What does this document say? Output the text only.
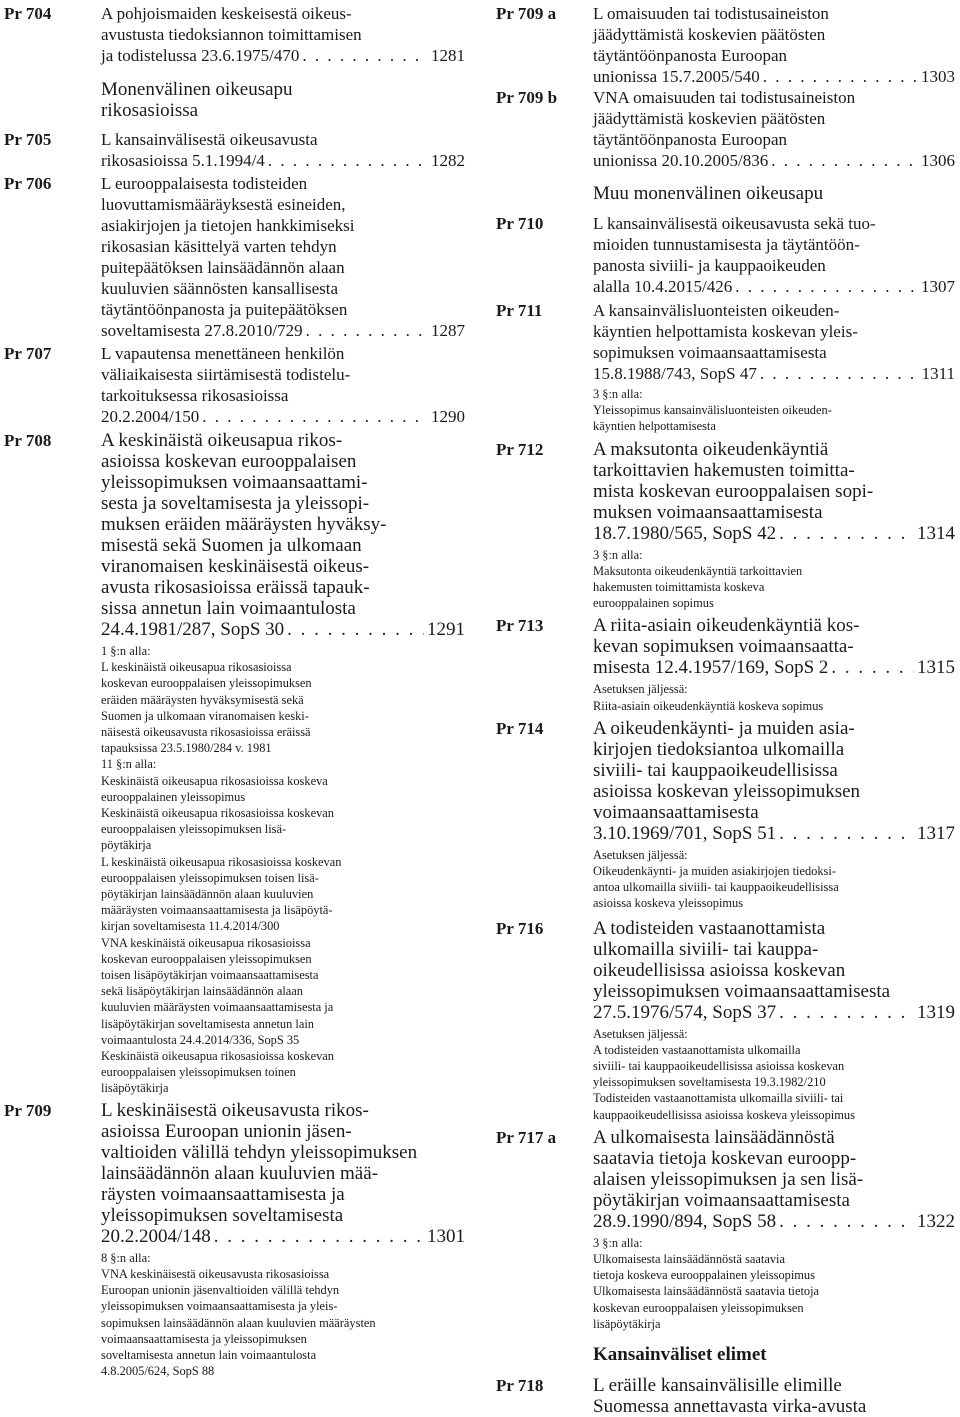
Pr 704	A pohjoismaiden keskeisestä oikeus-
avustusta tiedoksiannon toimittamisen
ja todistelussa 23.6.1975/470 . . .	1281
Monenvälinen oikeusapu
rikosasioissa
Pr 705	L kansainvälisestä oikeusavusta
rikosasioissa 5.1.1994/4 . . .	1282
Pr 706	L eurooppalaisesta todisteiden
luovuttamismääräyksestä esineiden,
asiakirjojen ja tietojen hankkimiseksi
rikosasian käsittelyä varten tehdyn
puitepäätöksen lainsäädännön alaan
kuuluvien säännösten kansallisesta
täytäntöönpanosta ja puitepäätöksen
soveltamisesta 27.8.2010/729 . . .	1287
Pr 707	L vapautensa menettäneen henkilön
väliaikaisesta siirtämisestä todistelu-
tarkoituksessa rikosasioissa
20.2.2004/150 . . .	1290
Pr 708	A keskinäistä oikeusapua rikos-
asioissa koskevan eurooppalaisen
yleissopimuksen voimaansaattami-
sesta ja soveltamisesta ja yleissopi-
muksen eräiden määräysten hyväksy-
misestä sekä Suomen ja ulkomaan
viranomaisen keskinäisestä oikeus-
avusta rikosasioissa eräissä tapauk-
sissa annetun lain voimaantulosta
24.4.1981/287, SopS 30 . . .	1291
1 §:n alla:
L keskinäistä oikeusapua rikosasioissa
koskevan eurooppalaisen yleissopimuksen
eräiden määräysten hyväksymisestä sekä
Suomen ja ulkomaan viranomaisen keski-
näisestä oikeusavusta rikosasioissa eräissä
tapauksissa 23.5.1980/284 v. 1981
11 §:n alla:
Keskinäistä oikeusapua rikosasioissa koskeva
eurooppalainen yleissopimus
Keskinäistä oikeusapua rikosasioissa koskevan
eurooppalaisen yleissopimuksen lisä-
pöytäkirja
L keskinäistä oikeusapua rikosasioissa koskevan
eurooppalaisen yleissopimuksen toisen lisä-
pöytäkirjan lainsäädännön alaan kuuluvien
määräysten voimaansaattamisesta ja lisäpöytä-
kirjan soveltamisesta 11.4.2014/300
VNA keskinäistä oikeusapua rikosasioissa
koskevan eurooppalaisen yleissopimuksen
toisen lisäpöytäkirjan voimaansaattamisesta
sekä lisäpöytäkirjan lainsäädännön alaan
kuuluvien määräysten voimaansaattamisesta ja
lisäpöytäkirjan soveltamisesta annetun lain
voimaantulosta 24.4.2014/336, SopS 35
Keskinäistä oikeusapua rikosasioissa koskevan
eurooppalaisen yleissopimuksen toinen
lisäpöytäkirja
Pr 709	L keskinäisestä oikeusavusta rikos-
asioissa Euroopan unionin jäsen-
valtioiden välillä tehdyn yleissopimuksen
lainsäädännön alaan kuuluvien mää-
räysten voimaansaattamisesta ja
yleissopimuksen soveltamisesta
20.2.2004/148 . . .	1301
8 §:n alla:
VNA keskinäisestä oikeusavusta rikosasioissa
Euroopan unionin jäsenvaltioiden välillä tehdyn
yleissopimuksen voimaansaattamisesta ja yleis-
sopimuksen lainsäädännön alaan kuuluvien määräysten
voimaansaattamisesta ja yleissopimuksen
soveltamisesta annetun lain voimaantulosta
4.8.2005/624, SopS 88
Pr 709 a L omaisuuden tai todistusaineiston
jäädyttämistä koskevien päätösten
täytäntöönpanosta Euroopan
unionissa 15.7.2005/540 . . .	1303
Pr 709 b VNA omaisuuden tai todistusaineiston
jäädyttämistä koskevien päätösten
täytäntöönpanosta Euroopan
unionissa 20.10.2005/836 . . .	1306
Muu monenvälinen oikeusapu
Pr 710	L kansainvälisestä oikeusavusta sekä tuo-
mioiden tunnustamisesta ja täytäntöön-
panosta siviili- ja kauppaoikeuden
alalla 10.4.2015/426 . . .	1307
Pr 711	A kansainvälisluonteisten oikeuden-
käyntien helpottamista koskevan yleis-
sopimuksen voimaansaattamisesta
15.8.1988/743, SopS 47 . . .	1311
3 §:n alla:
Yleissopimus kansainvälisluonteisten oikeuden-
käyntien helpottamisesta
Pr 712	A maksutonta oikeudenkäyntiä
tarkoittavien hakemusten toimitta-
mista koskevan eurooppalaisen sopi-
muksen voimaansaattamisesta
18.7.1980/565, SopS 42 . . .	1314
3 §:n alla:
Maksutonta oikeudenkäyntiä tarkoittavien
hakemusten toimittamista koskeva
eurooppalainen sopimus
Pr 713	A riita-asiain oikeudenkäyntiä kos-
kevan sopimuksen voimaansaatta-
misesta 12.4.1957/169, SopS 2 . . .	1315
Asetuksen jäljessä:
Riita-asiain oikeudenkäyntiä koskeva sopimus
Pr 714	A oikeudenkäynti- ja muiden asia-
kirjojen tiedoksiantoa ulkomailla
siviili- tai kauppaoikeudellisissa
asioissa koskevan yleissopimuksen
voimaansaattamisesta
3.10.1969/701, SopS 51 . . .	1317
Asetuksen jäljessä:
Oikeudenkäynti- ja muiden asiakirjojen tiedoksi-
antoa ulkomailla siviili- tai kauppaoikeudellisissa
asioissa koskeva yleissopimus
Pr 716	A todisteiden vastaanottamista
ulkomailla siviili- tai kauppa-
oikeudellisissa asioissa koskevan
yleissopimuksen voimaansaattamisesta
27.5.1976/574, SopS 37 . . .	1319
Asetuksen jäljessä:
A todisteiden vastaanottamista ulkomailla
siviili- tai kauppaoikeudellisissa asioissa koskevan
yleissopimuksen soveltamisesta 19.3.1982/210
Todisteiden vastaanottamista ulkomailla siviili- tai
kauppaoikeudellisissa asioissa koskeva yleissopimus
Pr 717 a A ulkomaisesta lainsäädännöstä
saatavia tietoja koskevan euroopp-
alaisen yleissopimuksen ja sen lisä-
pöytäkirjan voimaansaattamisesta
28.9.1990/894, SopS 58 . . .	1322
3 §:n alla:
Ulkomaisesta lainsäädännöstä saatavia
tietoja koskeva eurooppalainen yleissopimus
Ulkomaisesta lainsäädännöstä saatavia tietoja
koskevan eurooppalaisen yleissopimuksen
lisäpöytäkirja
Kansainväliset elimet
Pr 718	L eräille kansainvälisille elimille
Suomessa annettavasta virka-avusta
